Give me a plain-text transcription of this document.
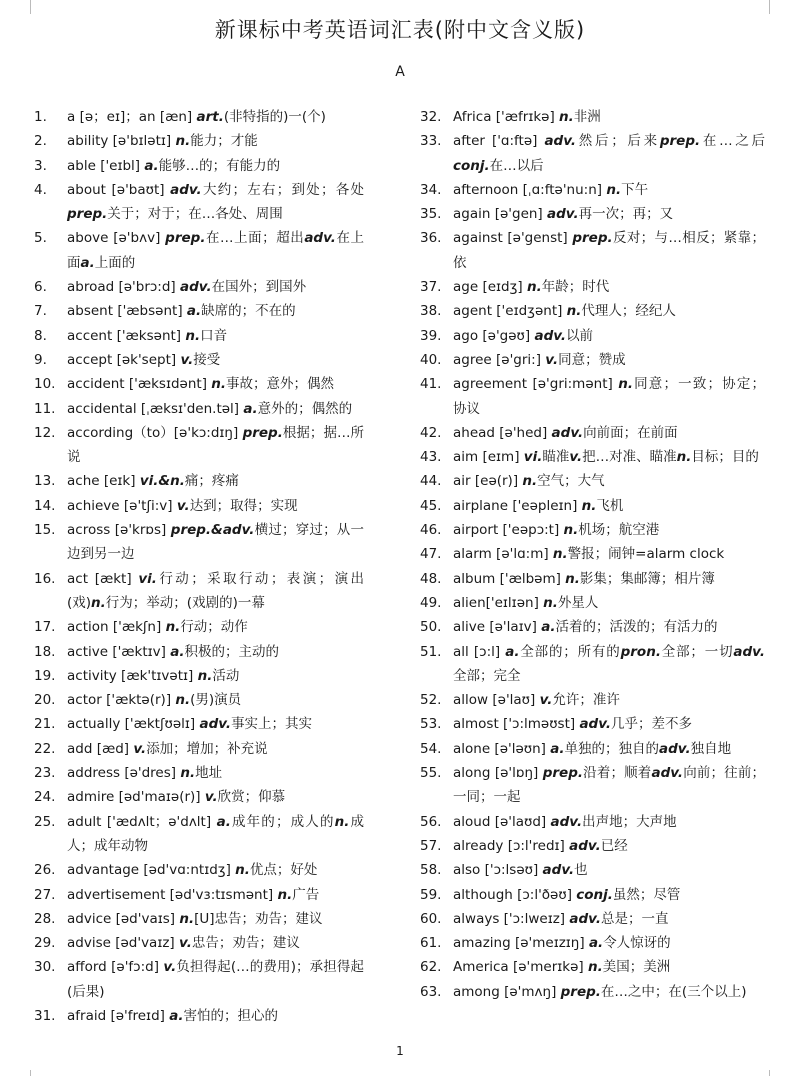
新课标中考英语词汇表(附中文含义版)
A
1.	a [ə；eɪ]；an [æn] art.(非特指的)一(个)
2.	ability [ə'bɪlətɪ] n.能力；才能
3.	able ['eɪbl] a.能够…的；有能力的
4.	about [ə'baʊt] adv.大约；左右；到处；各处prep.关于；对于；在…各处、周围
5.	above [ə'bʌv] prep.在…上面；超出adv.在上面a.上面的
6.	abroad [ə'brɔ:d] adv.在国外；到国外
7.	absent ['æbsənt] a.缺席的；不在的
8.	accent ['æksənt] n.口音
9.	accept [ək'sept] v.接受
10. accident ['æksɪdənt] n.事故；意外；偶然
11. accidental [ˌæksɪ'den.təl] a.意外的；偶然的
12. according（to）[ə'kɔ:dɪŋ] prep.根据；据…所说
13. ache [eɪk] vi.&n.痛；疼痛
14. achieve [ə'tʃi:v] v.达到；取得；实现
15. across [ə'krɒs] prep.&adv.横过；穿过；从一边到另一边
16. act [ækt] vi.行动；采取行动；表演；演出(戏)n.行为；举动；(戏剧的)一幕
17. action ['ækʃn] n.行动；动作
18. active ['æktɪv] a.积极的；主动的
19. activity [æk'tɪvətɪ] n.活动
20. actor ['æktə(r)] n.(男)演员
21. actually ['æktʃʊəlɪ] adv.事实上；其实
22. add [æd] v.添加；增加；补充说
23. address [ə'dres] n.地址
24. admire [əd'maɪə(r)] v.欣赏；仰慕
25. adult ['ædʌlt；ə'dʌlt] a.成年的；成人的n.成人；成年动物
26. advantage [əd'vɑ:ntɪdʒ] n.优点；好处
27. advertisement [əd'vɜ:tɪsmənt] n.广告
28. advice [əd'vaɪs] n.[U]忠告；劝告；建议
29. advise [əd'vaɪz] v.忠告；劝告；建议
30. afford [ə'fɔ:d] v.负担得起(…的费用)；承担得起(后果)
31. afraid [ə'freɪd] a.害怕的；担心的
32. Africa ['æfrɪkə] n.非洲
33. after ['ɑ:ftə] adv.然后；后来prep.在…之后conj.在…以后
34. afternoon [ˌɑ:ftə'nu:n] n.下午
35. again [ə'gen] adv.再一次；再；又
36. against [ə'genst] prep.反对；与…相反；紧靠；依
37. age [eɪdʒ] n.年龄；时代
38. agent ['eɪdʒənt] n.代理人；经纪人
39. ago [ə'gəʊ] adv.以前
40. agree [ə'gri:] v.同意；赞成
41. agreement [ə'gri:mənt] n.同意；一致；协定；协议
42. ahead [ə'hed] adv.向前面；在前面
43. aim [eɪm] vi.瞄准v.把…对准、瞄准n.目标；目的
44. air [eə(r)] n.空气；大气
45. airplane ['eəpleɪn] n.飞机
46. airport ['eəpɔ:t] n.机场；航空港
47. alarm [ə'lɑ:m] n.警报；闹钟=alarm clock
48. album ['ælbəm] n.影集；集邮簿；相片簿
49. alien['eɪlɪən] n.外星人
50. alive [ə'laɪv] a.活着的；活泼的；有活力的
51. all [ɔ:l] a.全部的；所有的pron.全部；一切adv.全部；完全
52. allow [ə'laʊ] v.允许；准许
53. almost ['ɔ:lməʊst] adv.几乎；差不多
54. alone [ə'ləʊn] a.单独的；独自的adv.独自地
55. along [ə'lɒŋ] prep.沿着；顺着adv.向前；往前；一同；一起
56. aloud [ə'laʊd] adv.出声地；大声地
57. already [ɔ:l'redɪ] adv.已经
58. also ['ɔ:lsəʊ] adv.也
59. although [ɔ:l'ðəʊ] conj.虽然；尽管
60. always ['ɔ:lweɪz] adv.总是；一直
61. amazing [ə'meɪzɪŋ] a.令人惊讶的
62. America [ə'merɪkə] n.美国；美洲
63. among [ə'mʌŋ] prep.在…之中；在(三个以上)
1
